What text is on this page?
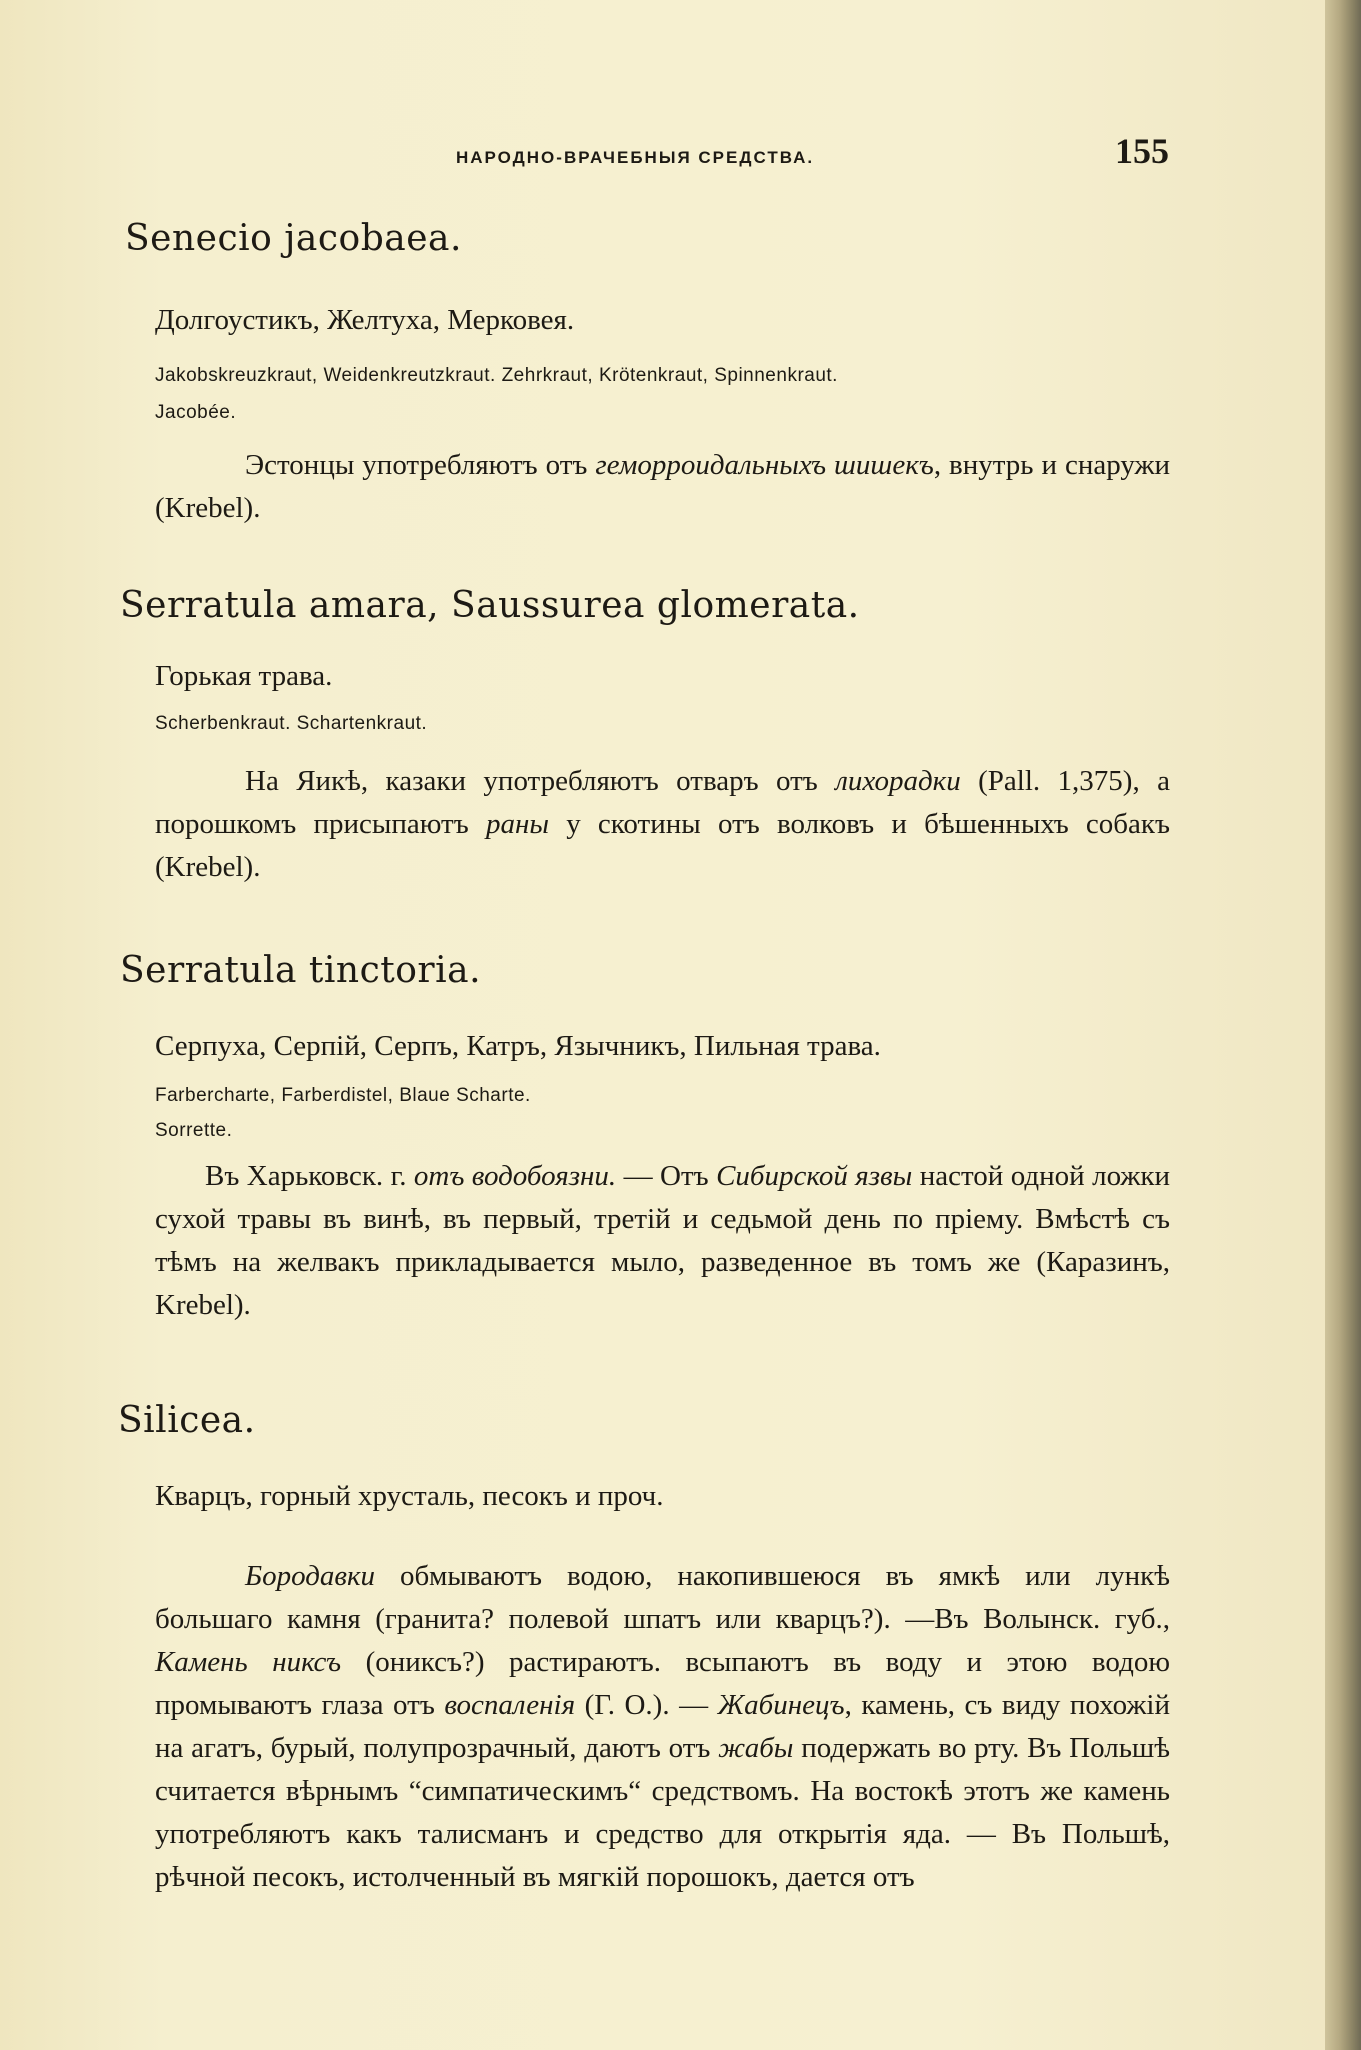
НАРОДНО-ВРАЧЕБНЫЯ СРЕДСТВА.	155
Senecio jacobaea.
Долгоустикъ, Желтуха, Мерковея.
Jakobskreuzkraut, Weidenkreutzkraut. Zehrkraut, Krötenkraut, Spinnenkraut.
Jacobée.
Эстонцы употребляютъ отъ геморроидальныхъ шишекъ, внутрь и снаружи (Krebel).
Serratula amara, Saussurea glomerata.
Горькая трава.
Scherbenkraut. Schartenkraut.
На Яикѣ, казаки употребляютъ отваръ отъ лихорадки (Pall. 1,375), а порошкомъ присыпаютъ раны у скотины отъ волковъ и бѣшенныхъ собакъ (Krebel).
Serratula tinctoria.
Серпуха, Серпій, Серпъ, Катръ, Язычникъ, Пильная трава.
Farbercharte, Farberdistel, Blaue Scharte.
Sorrette.
Въ Харьковск. г. отъ водобоязни. — Отъ Сибирской язвы настой одной ложки сухой травы въ винѣ, въ первый, третій и седьмой день по пріему. Вмѣстѣ съ тѣмъ на желвакъ прикладывается мыло, разведенное въ томъ же (Каразинъ, Krebel).
Silicea.
Кварцъ, горный хрусталь, песокъ и проч.
Бородавки обмываютъ водою, накопившеюся въ ямкѣ или лункѣ большаго камня (гранита? полевой шпатъ или кварцъ?). —Въ Волынск. губ., Камень никсъ (ониксъ?) растираютъ. всыпаютъ въ воду и этою водою промываютъ глаза отъ воспаленія (Г. О.). — Жабинецъ, камень, съ виду похожій на агатъ, бурый, полупрозрачный, даютъ отъ жабы подержать во рту. Въ Польшѣ считается вѣрнымъ “симпатическимъ“ средствомъ. На востокѣ этотъ же камень употребляютъ какъ талисманъ и средство для открытія яда. — Въ Польшѣ, рѣчной песокъ, истолченный въ мягкій порошокъ, дается отъ
